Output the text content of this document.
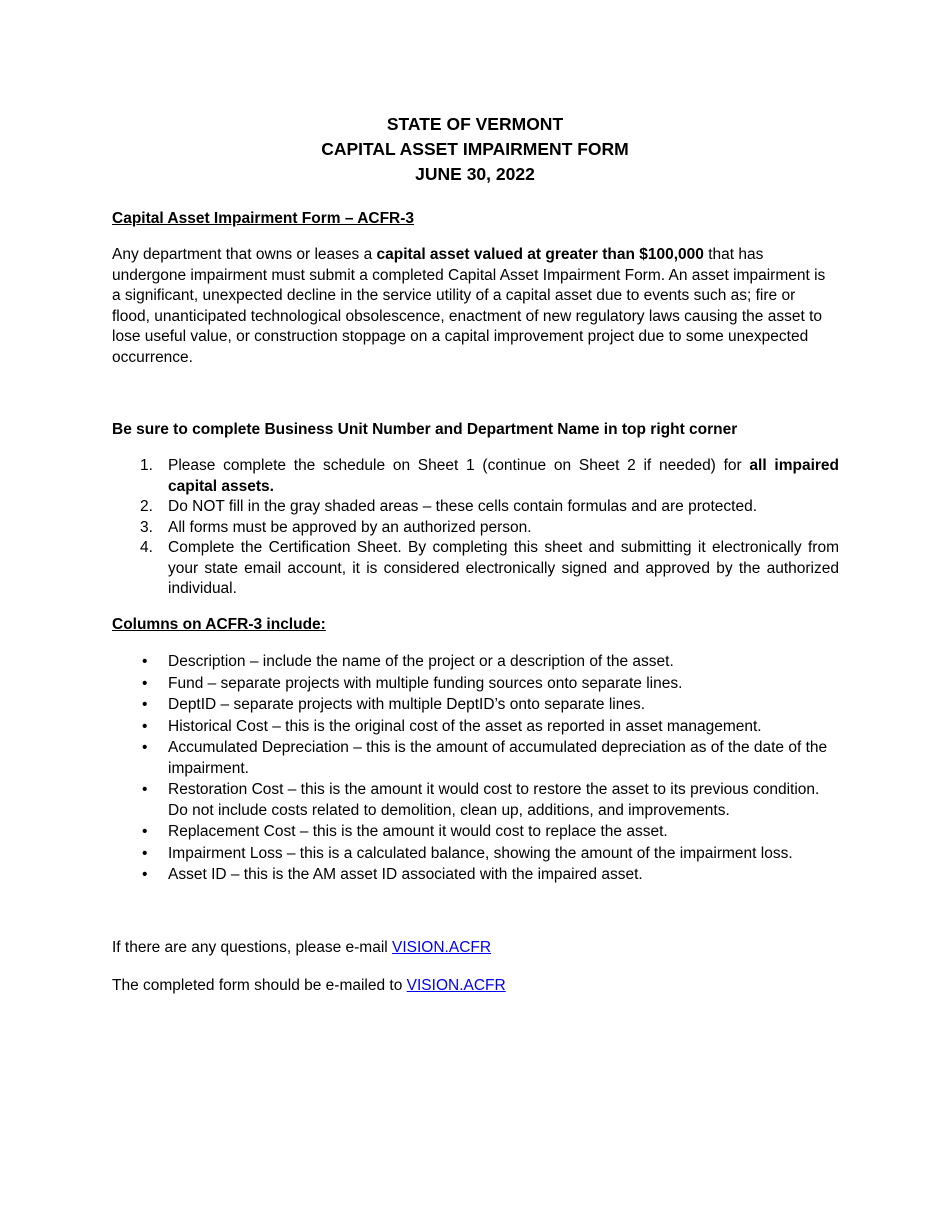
STATE OF VERMONT
CAPITAL ASSET IMPAIRMENT FORM
JUNE 30, 2022
Capital Asset Impairment Form – ACFR-3
Any department that owns or leases a capital asset valued at greater than $100,000 that has undergone impairment must submit a completed Capital Asset Impairment Form. An asset impairment is a significant, unexpected decline in the service utility of a capital asset due to events such as; fire or flood, unanticipated technological obsolescence, enactment of new regulatory laws causing the asset to lose useful value, or construction stoppage on a capital improvement project due to some unexpected occurrence.
Be sure to complete Business Unit Number and Department Name in top right corner
1. Please complete the schedule on Sheet 1 (continue on Sheet 2 if needed) for all impaired capital assets.
2. Do NOT fill in the gray shaded areas – these cells contain formulas and are protected.
3. All forms must be approved by an authorized person.
4. Complete the Certification Sheet. By completing this sheet and submitting it electronically from your state email account, it is considered electronically signed and approved by the authorized individual.
Columns on ACFR-3 include:
• Description – include the name of the project or a description of the asset.
• Fund – separate projects with multiple funding sources onto separate lines.
• DeptID – separate projects with multiple DeptID’s onto separate lines.
• Historical Cost – this is the original cost of the asset as reported in asset management.
• Accumulated Depreciation – this is the amount of accumulated depreciation as of the date of the impairment.
• Restoration Cost – this is the amount it would cost to restore the asset to its previous condition. Do not include costs related to demolition, clean up, additions, and improvements.
• Replacement Cost – this is the amount it would cost to replace the asset.
• Impairment Loss – this is a calculated balance, showing the amount of the impairment loss.
• Asset ID – this is the AM asset ID associated with the impaired asset.
If there are any questions, please e-mail VISION.ACFR
The completed form should be e-mailed to VISION.ACFR
